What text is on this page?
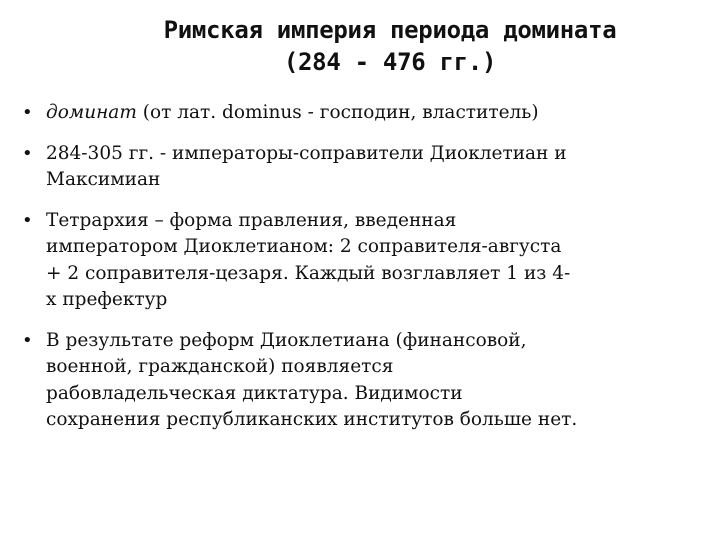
Римская империя периода домината
(284 - 476 гг.)
• доминат (от лат. dominus - господин, властитель)
• 284-305 гг. - императоры-соправители Диоклетиан и
Максимиан
• Тетрархия – форма правления, введенная
императором Диоклетианом: 2 соправителя-августа
+ 2 соправителя-цезаря. Каждый возглавляет 1 из 4-
х префектур
• В результате реформ Диоклетиана (финансовой,
военной, гражданской) появляется
рабовладельческая диктатура. Видимости
сохранения республиканских институтов больше нет.
